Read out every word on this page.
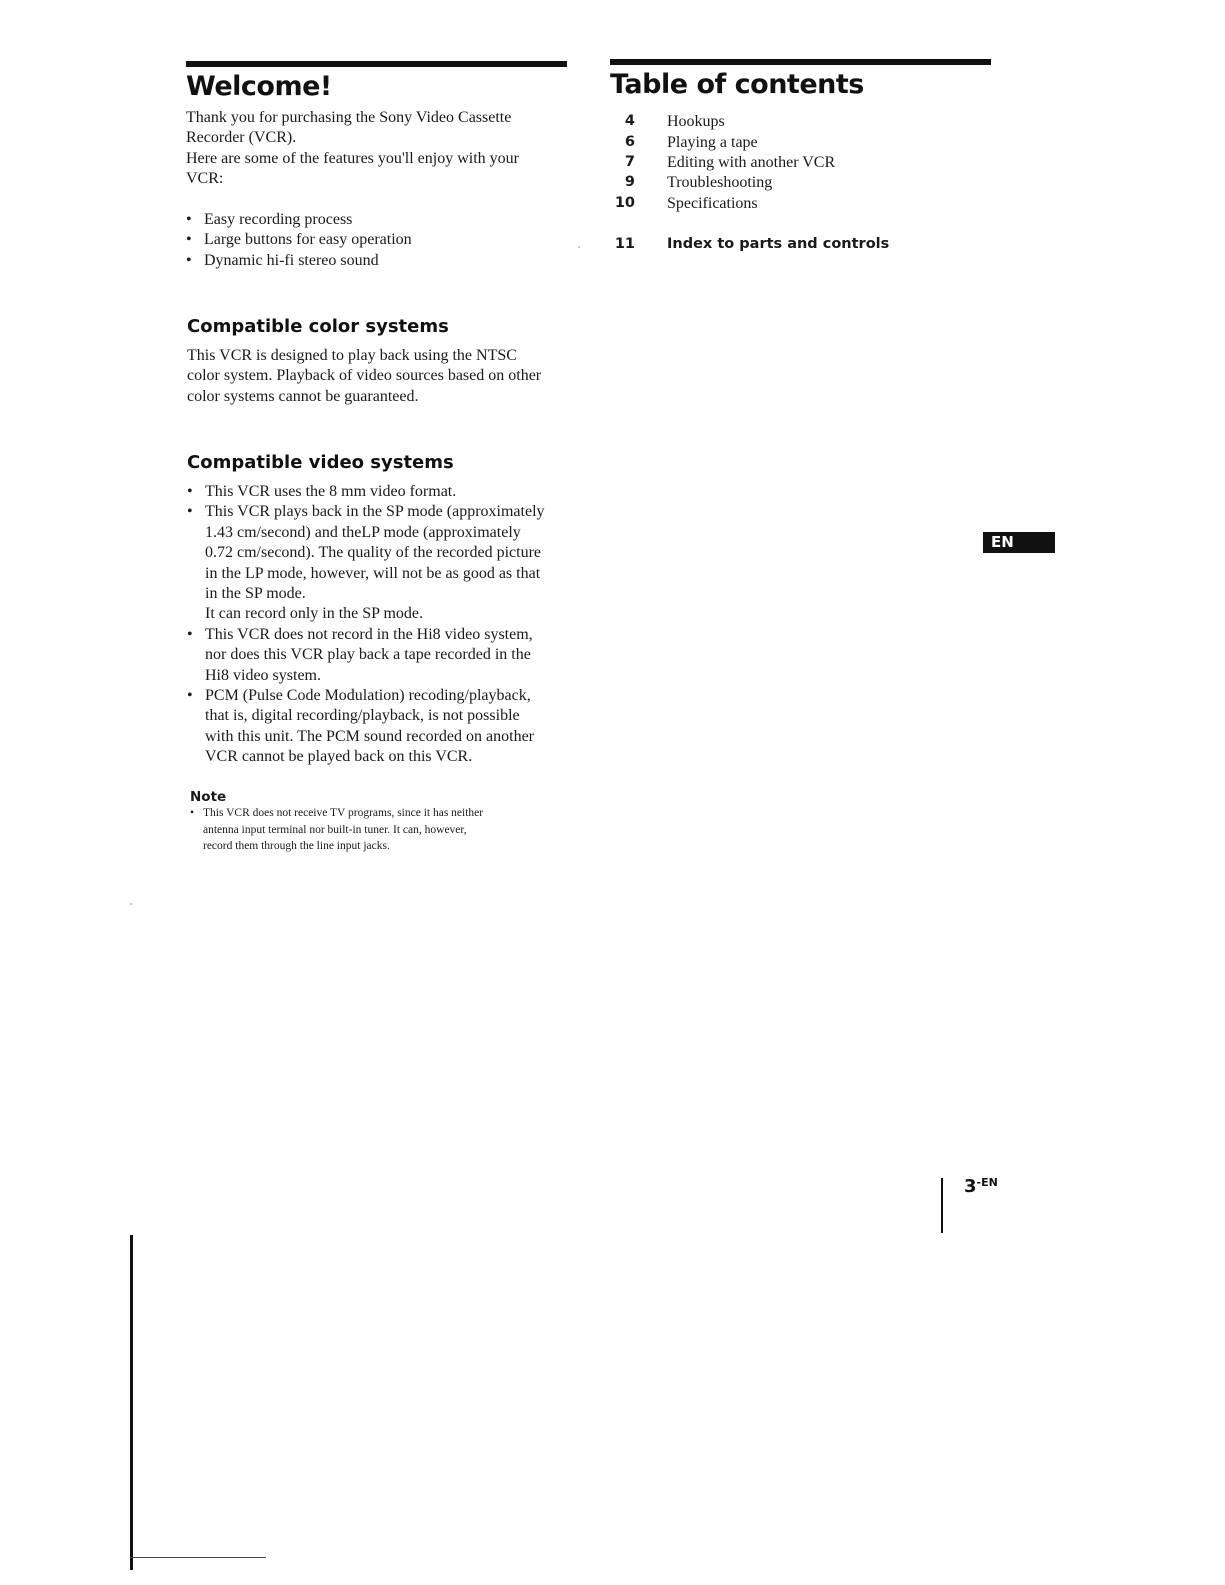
Welcome!
Thank you for purchasing the Sony Video Cassette
Recorder (VCR).
Here are some of the features you'll enjoy with your
VCR:
• Easy recording process
• Large buttons for easy operation
• Dynamic hi-fi stereo sound
Compatible color systems
This VCR is designed to play back using the NTSC
color system. Playback of video sources based on other
color systems cannot be guaranteed.
Compatible video systems
• This VCR uses the 8 mm video format.
• This VCR plays back in the SP mode (approximately
1.43 cm/second) and theLP mode (approximately
0.72 cm/second). The quality of the recorded picture
in the LP mode, however, will not be as good as that
in the SP mode.
It can record only in the SP mode.
• This VCR does not record in the Hi8 video system,
nor does this VCR play back a tape recorded in the
Hi8 video system.
• PCM (Pulse Code Modulation) recoding/playback,
that is, digital recording/playback, is not possible
with this unit. The PCM sound recorded on another
VCR cannot be played back on this VCR.
Note
• This VCR does not receive TV programs, since it has neither
antenna input terminal nor built-in tuner. It can, however,
record them through the line input jacks.
Table of contents
4 Hookups
6 Playing a tape
7 Editing with another VCR
9 Troubleshooting
10 Specifications
11 Index to parts and controls
EN
$3^{-EN}$
